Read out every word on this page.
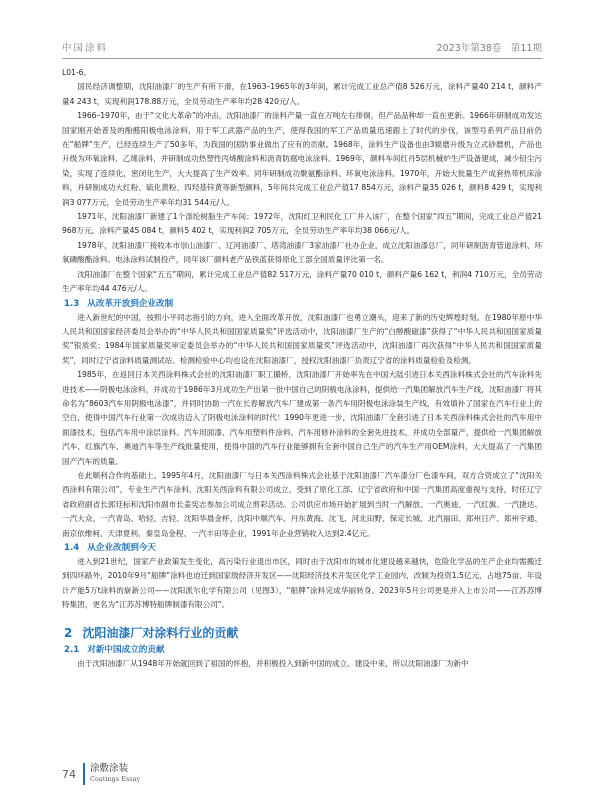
中国涂料	2023年第38卷　第11期

L01-6。

国民经济调整期，沈阳油漆厂的生产有所下滑，在1963–1965年的3年间，累计完成工业总产值8 526万元，涂料产量40 214 t，颜料产量4 243 t，实现利润178.88万元，全员劳动生产率年均28 420元/人。

1966–1970年，由于“文化大革命”的冲击，沈阳油漆厂的涂料产量一直在万吨左右徘徊，但产品品种却一直在更新。1966年研制成功发达国家刚开始普及的酚醛阳极电泳涂料，用于军工武器产品的生产，使得我国的军工产品质量迅速跟上了时代的步伐，该型号系列产品目前仍在“船牌”生产，已经连续生产了50多年，为我国的国防事业做出了应有的贡献。1968年，涂料生产设备也由3辊磨升级为立式砂磨机，产品也升级为环氧涂料、乙烯涂料，并研制成功热塑性丙烯酸涂料和沥青防腐电泳涂料。1969年，颜料车间红丹5层机械炉生产设备建成，减少铅尘污染，实现了连续化，密闭化生产，大大提高了生产效率。同年研制成功聚氨酯涂料、环氧电泳涂料。1970年，开始大批量生产成套热带机床涂料，并研制成功大红粉、硫化黄粉、四羟基锌黄等新型颜料，5年间共完成工业总产值17 854万元，涂料产量35 026 t，颜料8 429 t，实现利润3 077万元，全员劳动生产率年均31 544元/人。

1971年，沈阳油漆厂新建了1个涤纶树脂生产车间；1972年，沈阳红卫利民化工厂并入该厂，在整个国家“四五”期间，完成工业总产值21 968万元，涂料产量45 084 t，颜料5 402 t，实现利润2 705万元，全员劳动生产率年均38 066元/人。

1978年，沈阳油漆厂接收本市崇山油漆厂、辽河油漆厂、塔湾油漆厂3家油漆厂社办企业，成立沈阳油漆总厂，同年研制沥青管道涂料、环氧磷酸酯涂料、电泳涂料试制投产，同年该厂颜料老产品铁蓝获得原化工部全国质量评比第一名。

沈阳油漆厂在整个国家“五五”期间，累计完成工业总产值82 517万元，涂料产量70 010 t，颜料产量6 162 t，利润4 710万元，全员劳动生产率年均44 476元/人。

1.3 从改革开放到企业改制

进入新世纪的中国，按照小平同志指引的方向，进入全面改革开放，沈阳油漆厂也勇立潮头，迎来了新的历史辉煌时刻。在1980年原中华人民共和国国家经济委员会举办的“中华人民共和国国家质量奖”评选活动中，沈阳油漆厂生产的“白醇酸磁漆”获得了“中华人民共和国国家质量奖”银质奖；1984年国家质量奖审定委员会举办的“中华人民共和国国家质量奖”评选活动中，沈阳油漆厂再次获得“中华人民共和国国家质量奖”，同时辽宁省涂料质量测试站、检测检验中心均也设在沈阳油漆厂，授权沈阳油漆厂负责辽宁省的涂料质量检验及检测。

1985年，在返回日本关西涂料株式会社的沈阳油漆厂职工撮桥，沈阳油漆厂开始率先在中国大陆引进日本关西涂料株式会社的汽车涂料先进技术——阴极电泳涂料，并成功于1986年3月成功生产出第一批中国自己的阴极电泳涂料，提供给一汽集团解放汽车生产线，沈阳油漆厂将其命名为“8603汽车用阴极电泳漆”，并同时协助一汽在长春解放汽车厂建成第一条汽车用阴极电泳涂装生产线，有效填补了国家在汽车行业上的空白，使得中国汽车行业第一次成功迈入了阴极电泳涂料的时代！1990年更进一步，沈阳油漆厂全套引进了日本关西涂料株式会社的汽车用中面漆技术，包括汽车用中涂层涂料、汽车用面漆、汽车用塑料件涂料、汽车用修补涂料的全套先进技术，并成功全部量产，提供给一汽集团解放汽车、红旗汽车、奥迪汽车等生产线批量使用，使得中国的汽车行业能够拥有全套中国自己生产的汽车生产用OEM涂料，大大提高了一汽集团国产汽车的质量。

在此顺利合作的基础上，1995年4月，沈阳油漆厂与日本关西涂料株式会社基于沈阳油漆厂汽车漆分厂色漆车间，双方合资成立了“沈阳关西涂料有限公司”，专业生产汽车涂料，沈阳关西涂料有限公司成立，受到了原化工部、辽宁省政府和中国一汽集团高度重视与支持，时任辽宁省政府副省长郭廷标和沈阳市副市长姜宪志参加公司成立剪彩活动。公司供应市场开始扩展到当时一汽解放、一汽奥迪、一汽红旗、一汽捷达、一汽大众、一汽青岛、哈轻、吉轻、沈阳华晨金杯、沈阳中顺汽车、丹东黄海、沈飞、河北田野、保定长城、北汽福田、郑州日产、郑州宇通、南京依维柯、天津夏利、秦皇岛金程、一汽丰田等企业，1991年企业营销收入达到2.4亿元。

1.4 从企业改制到今天

进入到21世纪，国家产业政策发生变化，高污染行业退出市区，同时由于沈阳市的城市化建设越来越快，危险化学品的生产企业均需搬迁到四环路外，2010年9月“船牌”涂料也迫迁到国家级经济开发区——沈阳经济技术开发区化学工业园内，改制为投资1.5亿元，占地75亩、年设计产能5万t涂料的崭新公司——沈阳派尔化学有限公司（见图3），“船牌”涂料完成华丽转身。2023年5月公司更是并入上市公司——江苏苏博特集团，更名为“江苏苏博特船牌制漆有限公司”。

2 沈阳油漆厂对涂料行业的贡献
2.1 对新中国成立的贡献

由于沈阳油漆厂从1948年开始就回到了祖国的怀抱，并积极投入到新中国的成立、建设中来，所以沈阳油漆厂为新中

74 涂敷涂装
Coatings Essay
